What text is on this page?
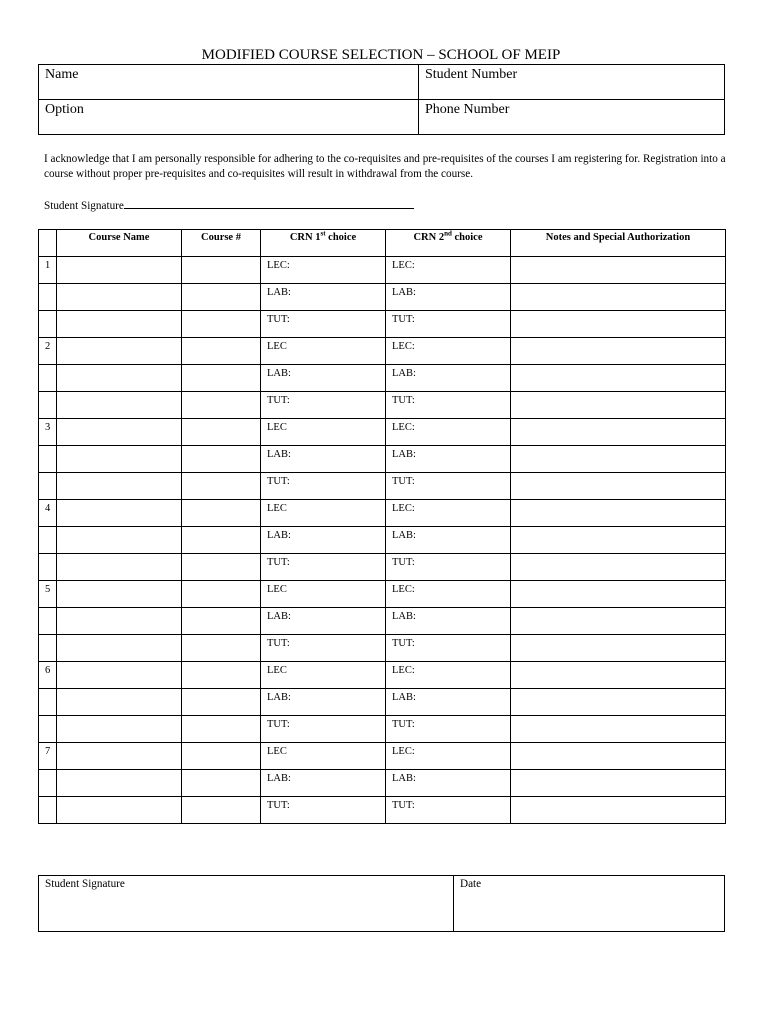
MODIFIED COURSE SELECTION – SCHOOL OF MEIP
Name	Student Number
Option	Phone Number
I acknowledge that I am personally responsible for adhering to the co-requisites and pre-requisites of the courses I am registering for. Registration into a course without proper pre-requisites and co-requisites will result in withdrawal from the course.
Student Signature
	Course Name	Course #	CRN 1st choice	CRN 2nd choice	Notes and Special Authorization
1			LEC:	LEC:	
			LAB:	LAB:	
			TUT:	TUT:	
2			LEC	LEC:	
			LAB:	LAB:	
			TUT:	TUT:	
3			LEC	LEC:	
			LAB:	LAB:	
			TUT:	TUT:	
4			LEC	LEC:	
			LAB:	LAB:	
			TUT:	TUT:	
5			LEC	LEC:	
			LAB:	LAB:	
			TUT:	TUT:	
6			LEC	LEC:	
			LAB:	LAB:	
			TUT:	TUT:	
7			LEC	LEC:	
			LAB:	LAB:	
			TUT:	TUT:	
Student Signature	Date
